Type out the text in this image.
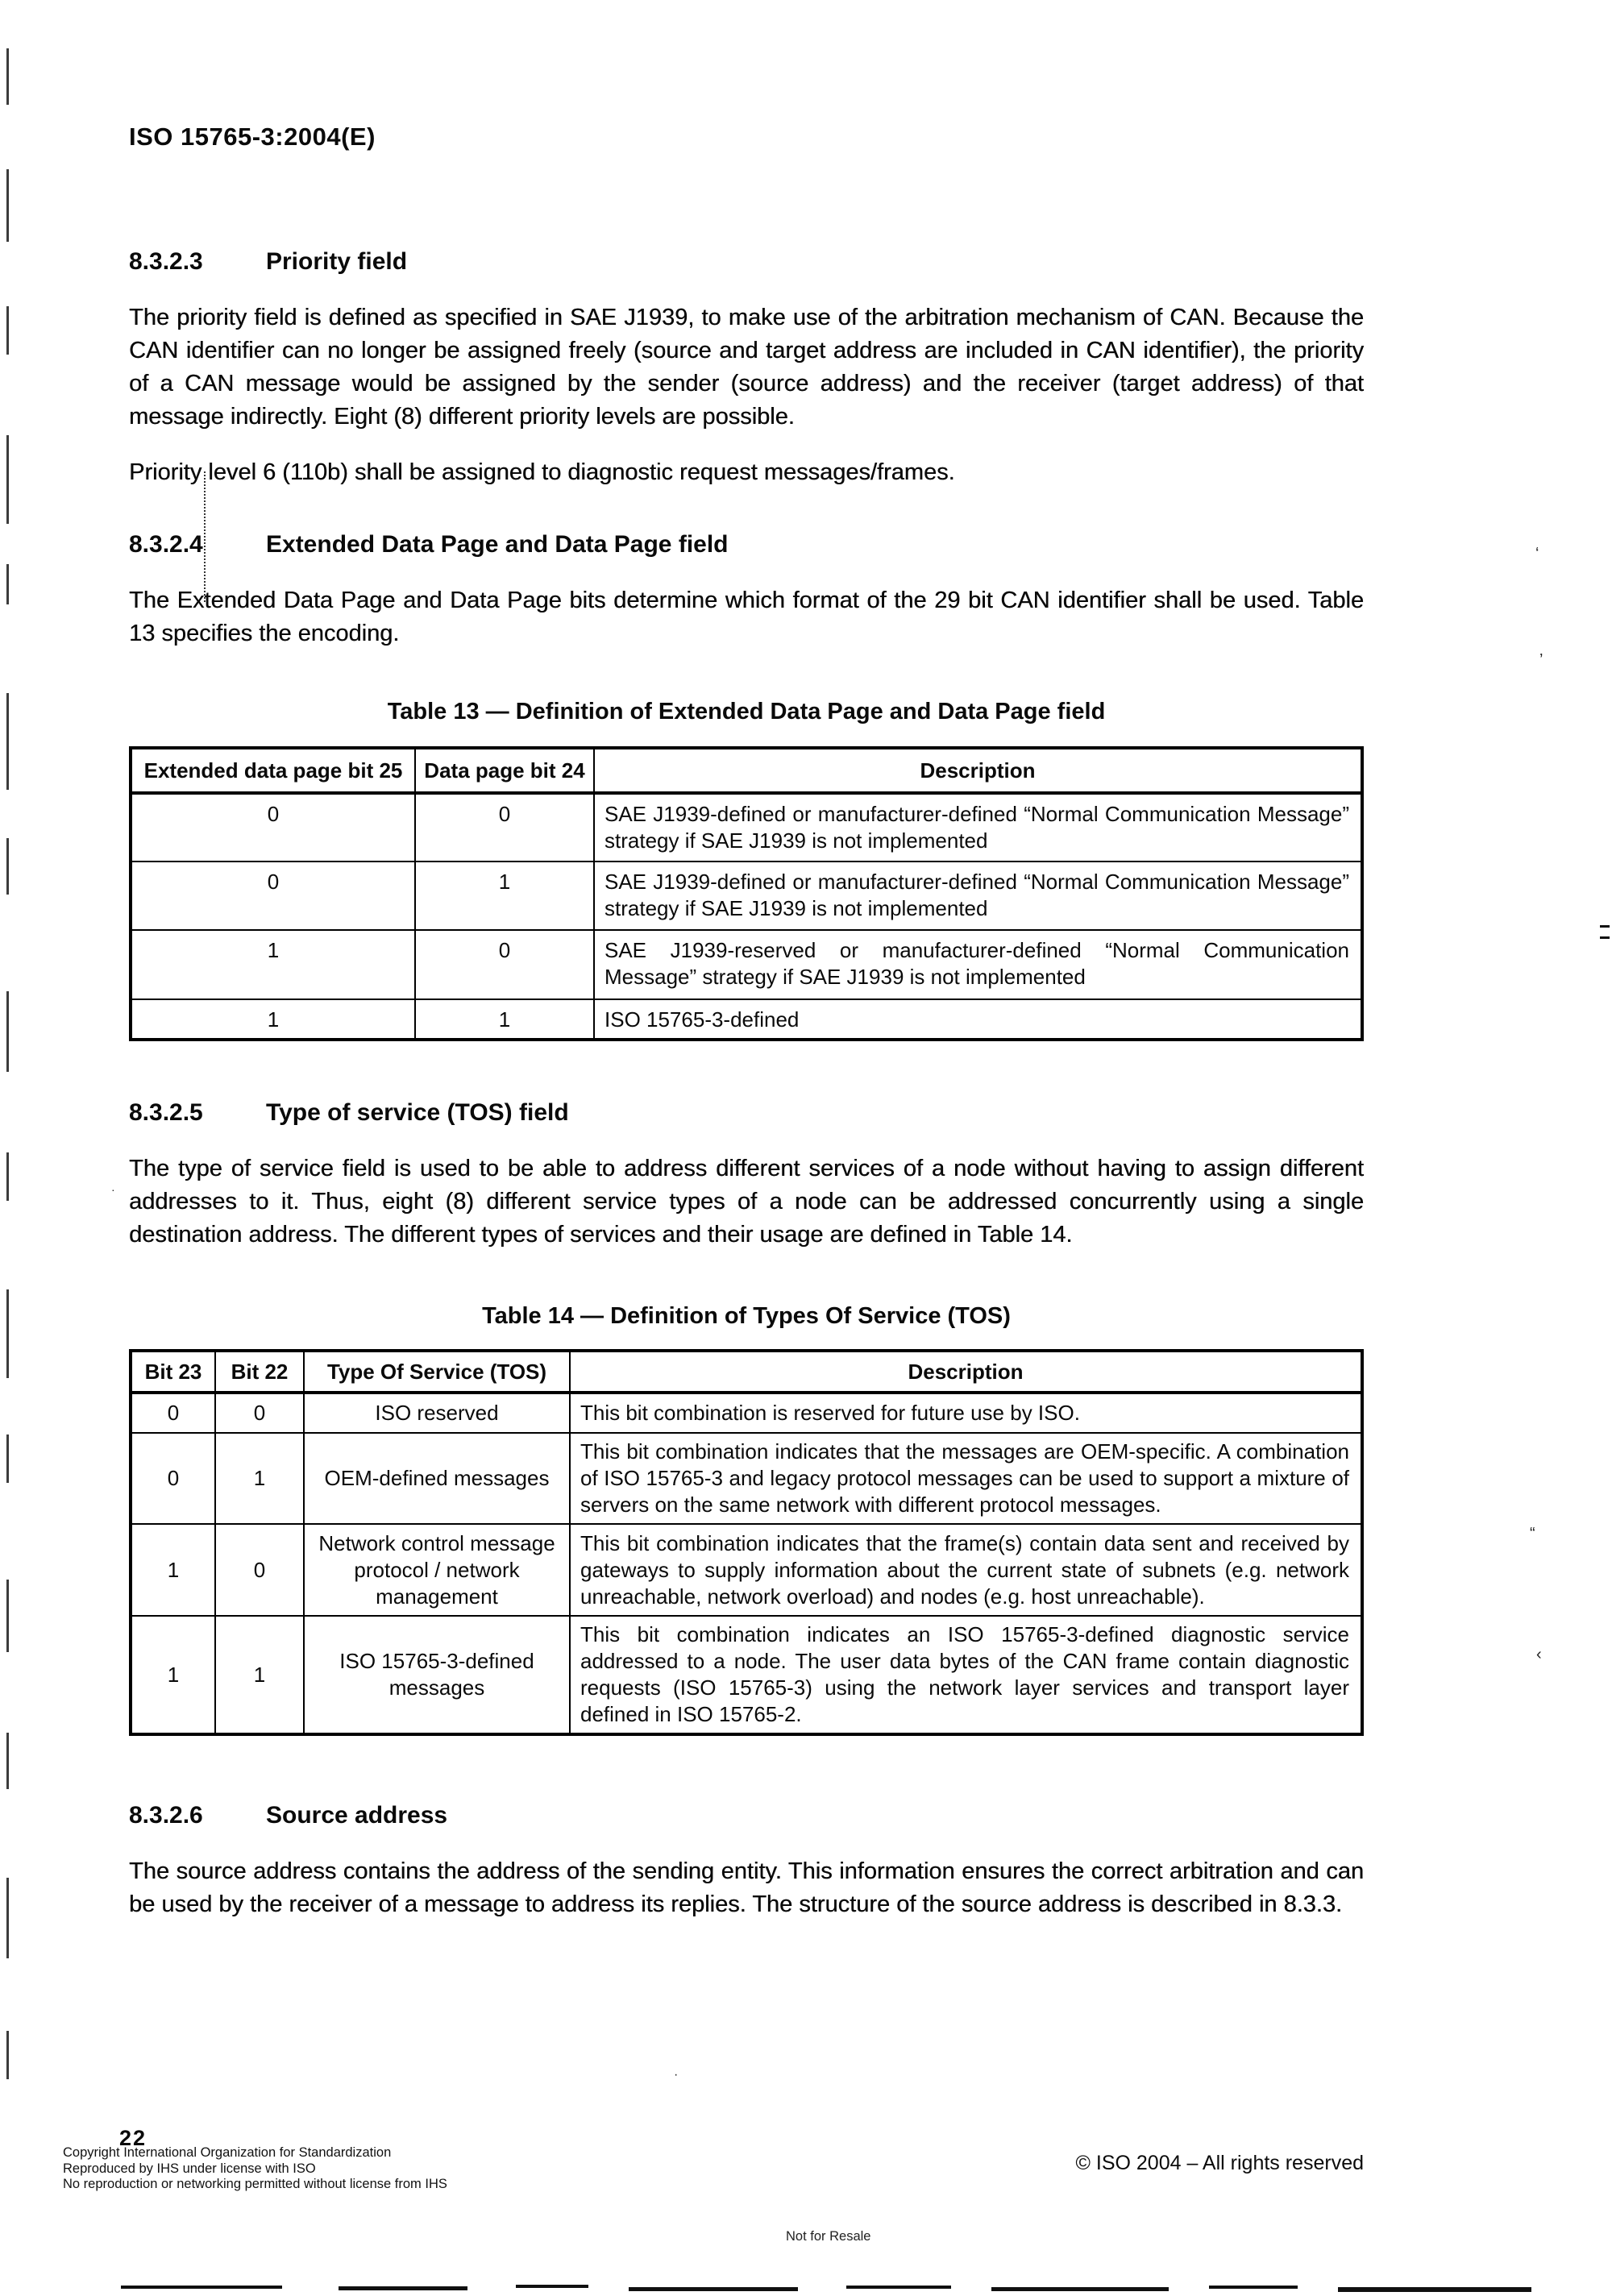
ISO 15765-3:2004(E)
8.3.2.3	Priority field
The priority field is defined as specified in SAE J1939, to make use of the arbitration mechanism of CAN. Because the CAN identifier can no longer be assigned freely (source and target address are included in CAN identifier), the priority of a CAN message would be assigned by the sender (source address) and the receiver (target address) of that message indirectly. Eight (8) different priority levels are possible.
Priority level 6 (110b) shall be assigned to diagnostic request messages/frames.
8.3.2.4	Extended Data Page and Data Page field
The Extended Data Page and Data Page bits determine which format of the 29 bit CAN identifier shall be used. Table 13 specifies the encoding.
Table 13 — Definition of Extended Data Page and Data Page field
Extended data page bit 25	Data page bit 24	Description
0	0	SAE J1939-defined or manufacturer-defined “Normal Communication Message” strategy if SAE J1939 is not implemented
0	1	SAE J1939-defined or manufacturer-defined “Normal Communication Message” strategy if SAE J1939 is not implemented
1	0	SAE J1939-reserved or manufacturer-defined “Normal Communication Message” strategy if SAE J1939 is not implemented
1	1	ISO 15765-3-defined
8.3.2.5	Type of service (TOS) field
The type of service field is used to be able to address different services of a node without having to assign different addresses to it. Thus, eight (8) different service types of a node can be addressed concurrently using a single destination address. The different types of services and their usage are defined in Table 14.
Table 14 — Definition of Types Of Service (TOS)
Bit 23	Bit 22	Type Of Service (TOS)	Description
0	0	ISO reserved	This bit combination is reserved for future use by ISO.
0	1	OEM-defined messages	This bit combination indicates that the messages are OEM-specific. A combination of ISO 15765-3 and legacy protocol messages can be used to support a mixture of servers on the same network with different protocol messages.
1	0	Network control message protocol / network management	This bit combination indicates that the frame(s) contain data sent and received by gateways to supply information about the current state of subnets (e.g. network unreachable, network overload) and nodes (e.g. host unreachable).
1	1	ISO 15765-3-defined messages	This bit combination indicates an ISO 15765-3-defined diagnostic service addressed to a node. The user data bytes of the CAN frame contain diagnostic requests (ISO 15765-3) using the network layer services and transport layer defined in ISO 15765-2.
8.3.2.6	Source address
The source address contains the address of the sending entity. This information ensures the correct arbitration and can be used by the receiver of a message to address its replies. The structure of the source address is described in 8.3.3.
22
Copyright International Organization for Standardization
Reproduced by IHS under license with ISO
No reproduction or networking permitted without license from IHS
Not for Resale
© ISO 2004 – All rights reserved
‘
’
“
‹
·
·
